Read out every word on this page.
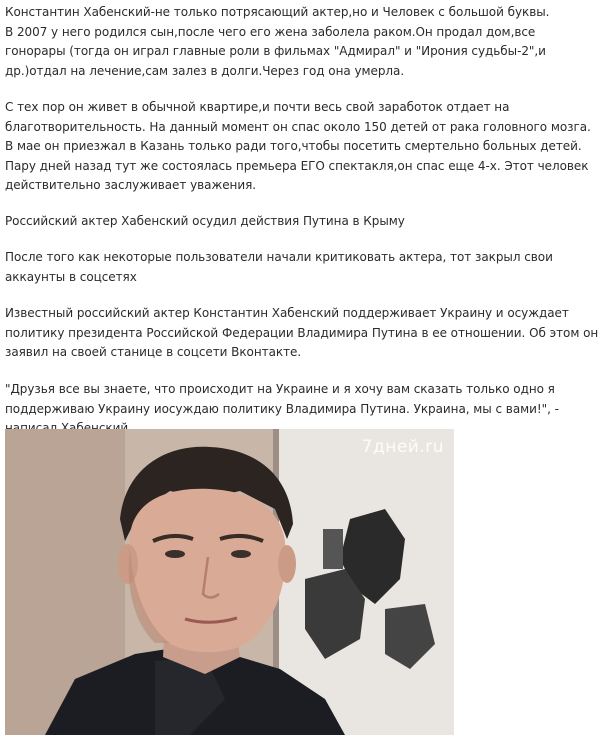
Константин Хабенский-не только потрясающий актер,но и Человек с большой буквы.

В 2007 у него родился сын,после чего его жена заболела раком.Он продал дом,все гонорары (тогда он играл главные роли в фильмах "Адмирал" и "Ирония судьбы-2",и др.)отдал на лечение,сам залез в долги.Через год она умерла.

С тех пор он живет в обычной квартире,и почти весь свой заработок отдает на благотворительность. На данный момент он спас около 150 детей от рака головного мозга. В мае он приезжал в Казань только ради того,чтобы посетить смертельно больных детей. Пару дней назад тут же состоялась премьера ЕГО спектакля,он спас еще 4-х. Этот человек действительно заслуживает уважения.

Российский актер Хабенский осудил действия Путина в Крыму

После того как некоторые пользователи начали критиковать актера, тот закрыл свои аккаунты в соцсетях

Известный российский актер Константин Хабенский поддерживает Украину и осуждает политику президента Российской Федерации Владимира Путина в ее отношении. Об этом он заявил на своей станице в соцсети Вконтакте.

"Друзья все вы знаете, что происходит на Украине и я хочу вам сказать только одно я поддерживаю Украину иосуждаю политику Владимира Путина. Украина, мы с вами!", -

7дней.ru
